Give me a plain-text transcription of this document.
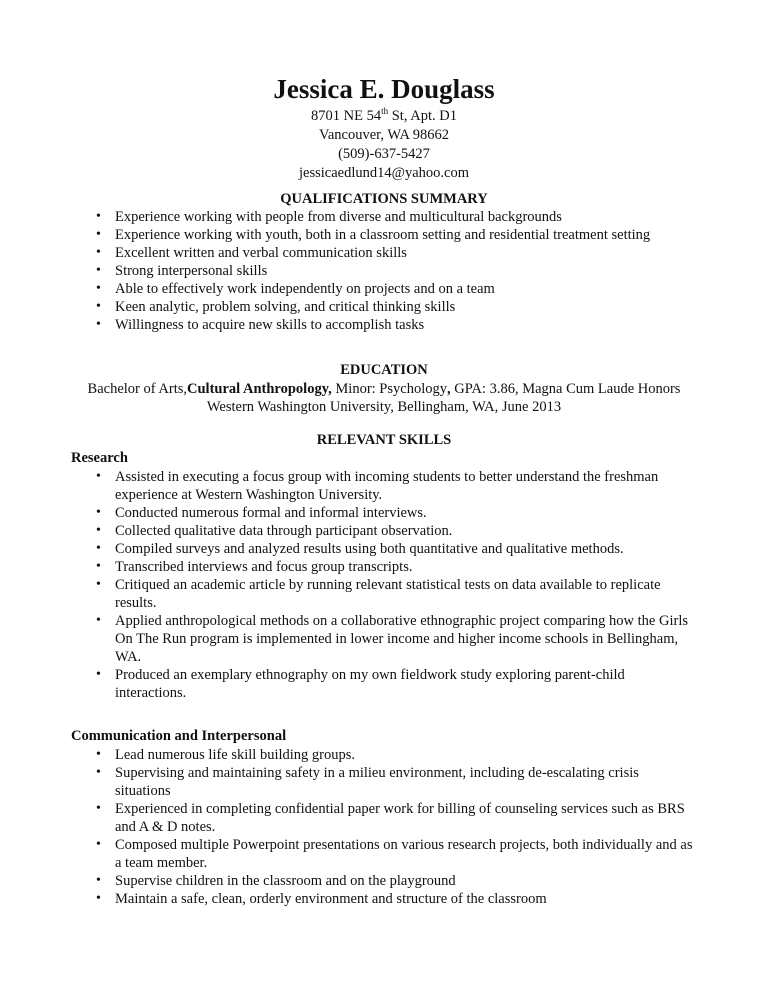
Jessica E. Douglass
8701 NE 54th St, Apt. D1
Vancouver, WA 98662
(509)-637-5427
jessicaedlund14@yahoo.com
QUALIFICATIONS SUMMARY
• Experience working with people from diverse and multicultural backgrounds
• Experience working with youth, both in a classroom setting and residential treatment setting
• Excellent written and verbal communication skills
• Strong interpersonal skills
• Able to effectively work independently on projects and on a team
• Keen analytic, problem solving, and critical thinking skills
• Willingness to acquire new skills to accomplish tasks
EDUCATION
Bachelor of Arts,Cultural Anthropology, Minor: Psychology, GPA: 3.86, Magna Cum Laude Honors
Western Washington University, Bellingham, WA, June 2013
RELEVANT SKILLS
Research
• Assisted in executing a focus group with incoming students to better understand the freshman experience at Western Washington University.
• Conducted numerous formal and informal interviews.
• Collected qualitative data through participant observation.
• Compiled surveys and analyzed results using both quantitative and qualitative methods.
• Transcribed interviews and focus group transcripts.
• Critiqued an academic article by running relevant statistical tests on data available to replicate results.
• Applied anthropological methods on a collaborative ethnographic project comparing how the Girls On The Run program is implemented in lower income and higher income schools in Bellingham, WA.
• Produced an exemplary ethnography on my own fieldwork study exploring parent-child interactions.
Communication and Interpersonal
• Lead numerous life skill building groups.
• Supervising and maintaining safety in a milieu environment, including de-escalating crisis situations
• Experienced in completing confidential paper work for billing of counseling services such as BRS and A & D notes.
• Composed multiple Powerpoint presentations on various research projects, both individually and as a team member.
• Supervise children in the classroom and on the playground
• Maintain a safe, clean, orderly environment and structure of the classroom
